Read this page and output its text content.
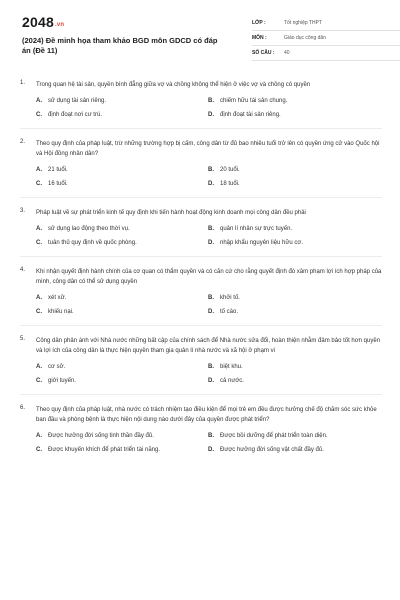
2048.vn
(2024) Đề minh họa tham khảo BGD môn GDCD có đáp án (Đề 11)
LỚP :	Tốt nghiệp THPT
MÔN :	Giáo dục công dân
SỐ CÂU :	40
1.	Trong quan hệ tài sản, quyền bình đẳng giữa vợ và chồng không thể hiện ở việc vợ và chồng có quyền
A.	sử dụng tài sản riêng.	B.	chiếm hữu tài sản chung.
C.	định đoạt nơi cư trú.	D.	định đoạt tài sản riêng.
2.	Theo quy định của pháp luật, trừ những trường hợp bị cấm, công dân từ đủ bao nhiêu tuổi trở lên có quyền ứng cử vào Quốc hội và Hội đồng nhân dân?
A.	21 tuổi.	B.	20 tuổi.
C.	16 tuổi.	D.	18 tuổi.
3.	Pháp luật về sự phát triển kinh tế quy định khi tiến hành hoạt động kinh doanh mọi công dân đều phải
A.	sử dụng lao động theo thời vụ.	B.	quản lí nhân sự trực tuyến.
C.	tuân thủ quy định về quốc phòng.	D.	nhập khẩu nguyên liệu hữu cơ.
4.	Khi nhận quyết định hành chính của cơ quan có thẩm quyền và có căn cứ cho rằng quyết định đó xâm phạm lợi ích hợp pháp của mình, công dân có thể sử dụng quyền
A.	xét xử.	B.	khởi tố.
C.	khiếu nại.	D.	tố cáo.
5.	Công dân phản ánh với Nhà nước những bất cập của chính sách để Nhà nước sửa đổi, hoàn thiện nhằm đảm bảo tốt hơn quyền và lợi ích của công dân là thực hiện quyền tham gia quản lí nhà nước và xã hội ở phạm vi
A.	cơ sở.	B.	biệt khu.
C.	giới tuyến.	D.	cả nước.
6.	Theo quy định của pháp luật, nhà nước có trách nhiệm tạo điều kiện để mọi trẻ em đều được hưởng chế độ chăm sóc sức khỏe ban đầu và phòng bệnh là thực hiện nội dung nào dưới đây của quyền được phát triển?
A.	Được hưởng đời sống tinh thần đầy đủ.	B.	Được bồi dưỡng để phát triển toàn diện.
C.	Được khuyến khích để phát triển tài năng.	D.	Được hưởng đời sống vật chất đầy đủ.
